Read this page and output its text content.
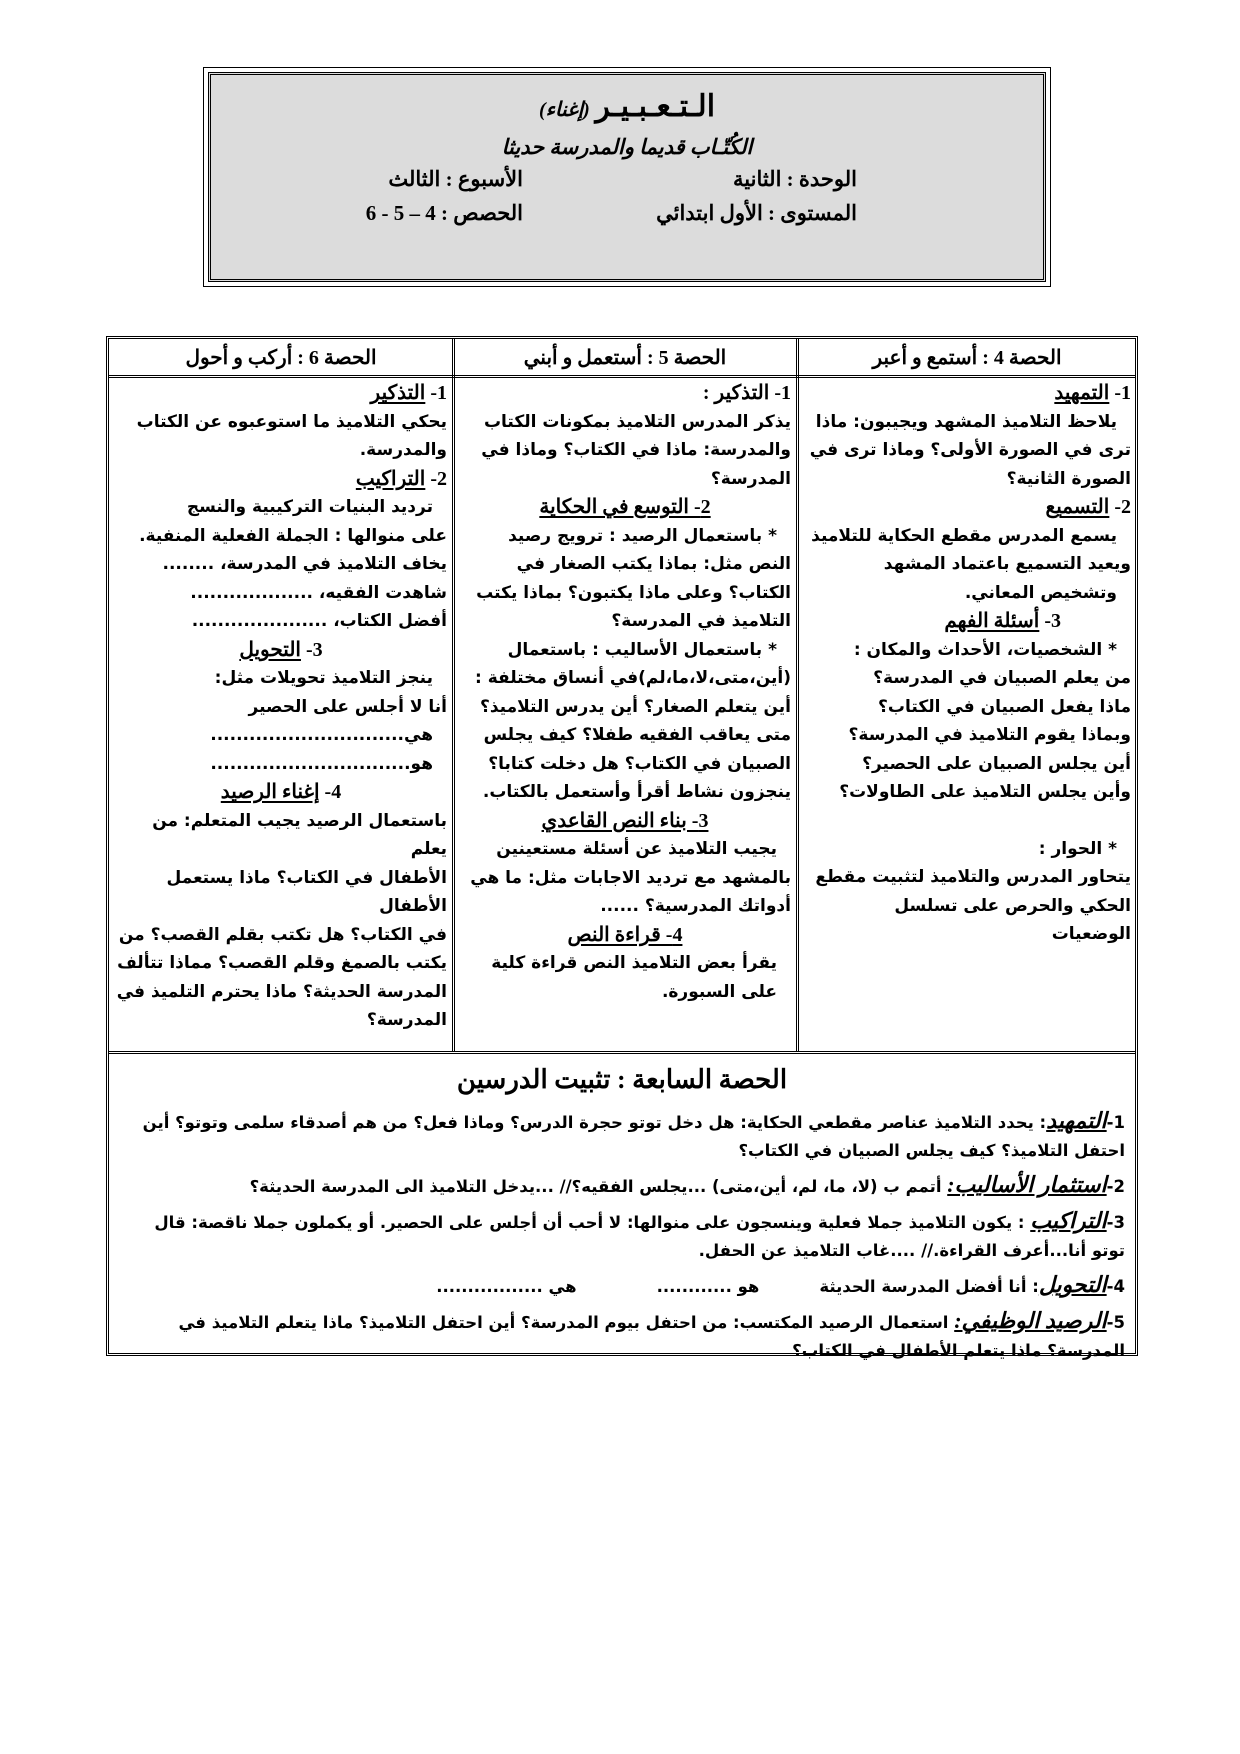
الـتـعـبـيـر (إغناء)
الكُتّـاب قديما والمدرسة حديثا
الوحدة : الثانية
الأسبوع : الثالث
المستوى : الأول ابتدائي
الحصص : 4 – 5 - 6
الحصة 4 : أستمع و أعبر
الحصة 5 : أستعمل و أبني
الحصة 6 : أركب و أحول

1- التمهيد

يلاحظ التلاميذ المشهد ويجيبون: ماذا

ترى في الصورة الأولى؟ وماذا ترى في

الصورة الثانية؟

2- التسميع

يسمع المدرس مقطع الحكاية للتلاميذ

ويعيد التسميع باعتماد المشهد

وتشخيص المعاني.

3- أسئلة الفهم

* الشخصيات، الأحداث والمكان :

من يعلم الصبيان في المدرسة؟

ماذا يفعل الصبيان في الكتاب؟

وبماذا يقوم التلاميذ في المدرسة؟

أين يجلس الصبيان على الحصير؟

وأين يجلس التلاميذ على الطاولات؟

* الحوار :

يتحاور المدرس والتلاميذ لتثبيت مقطع

الحكي والحرص على تسلسل

الوضعيات

1- التذكير :

يذكر المدرس التلاميذ بمكونات الكتاب

والمدرسة: ماذا في الكتاب؟ وماذا في

المدرسة؟

2- التوسع في الحكاية

* باستعمال الرصيد : ترويج رصيد

النص مثل: بماذا يكتب الصغار في

الكتاب؟ وعلى ماذا يكتبون؟ بماذا يكتب

التلاميذ في المدرسة؟

* باستعمال الأساليب : باستعمال

(أين،متى،لا،ما،لم)في أنساق مختلفة :

أين يتعلم الصغار؟ أين يدرس التلاميذ؟

متى يعاقب الفقيه طفلا؟ كيف يجلس

الصبيان في الكتاب؟ هل دخلت كتابا؟

ينجزون نشاط أقرأ وأستعمل بالكتاب.

3- بناء النص القاعدي

يجيب التلاميذ عن أسئلة مستعينين

بالمشهد مع ترديد الاجابات مثل: ما هي

أدواتك المدرسية؟ ......

4- قراءة النص

يقرأ بعض التلاميذ النص قراءة كلية

على السبورة.

1- التذكير

يحكي التلاميذ ما استوعبوه عن الكتاب

والمدرسة.

2- التراكيب

ترديد البنيات التركيبية والنسج

على منوالها : الجملة الفعلية المنفية.

يخاف التلاميذ في المدرسة، ........

شاهدت الفقيه، ...................

أفضل الكتاب، .....................

3- التحويل

ينجز التلاميذ تحويلات مثل:

أنا لا أجلس على الحصير

هي..............................

هو...............................

4- إغناء الرصيد

باستعمال الرصيد يجيب المتعلم: من يعلم

الأطفال في الكتاب؟ ماذا يستعمل الأطفال

في الكتاب؟ هل تكتب بقلم القصب؟ من

يكتب بالصمغ وقلم القصب؟ مماذا تتألف

المدرسة الحديثة؟ ماذا يحترم التلميذ في

المدرسة؟

الحصة السابعة : تثبيت الدرسين

1-التمهيد: يحدد التلاميذ عناصر مقطعي الحكاية: هل دخل توتو حجرة الدرس؟ وماذا فعل؟ من هم أصدقاء سلمى وتوتو؟ أين احتفل التلاميذ؟ كيف يجلس الصبيان في الكتاب؟

2-استثمار الأساليب: أتمم ب (لا، ما، لم، أين،متى) ...يجلس الفقيه؟// ...يدخل التلاميذ الى المدرسة الحديثة؟

3-التراكيب : يكون التلاميذ جملا فعلية وينسجون على منوالها: لا أحب أن أجلس على الحصير. أو يكملون جملا ناقصة: قال توتو أنا...أعرف القراءة.// ....غاب التلاميذ عن الحفل.

4-التحويل: أنا أفضل المدرسة الحديثةهو ............هي .................

5-الرصيد الوظيفي: استعمال الرصيد المكتسب: من احتفل بيوم المدرسة؟ أين احتفل التلاميذ؟ ماذا يتعلم التلاميذ في المدرسة؟ ماذا يتعلم الأطفال في الكتاب؟
